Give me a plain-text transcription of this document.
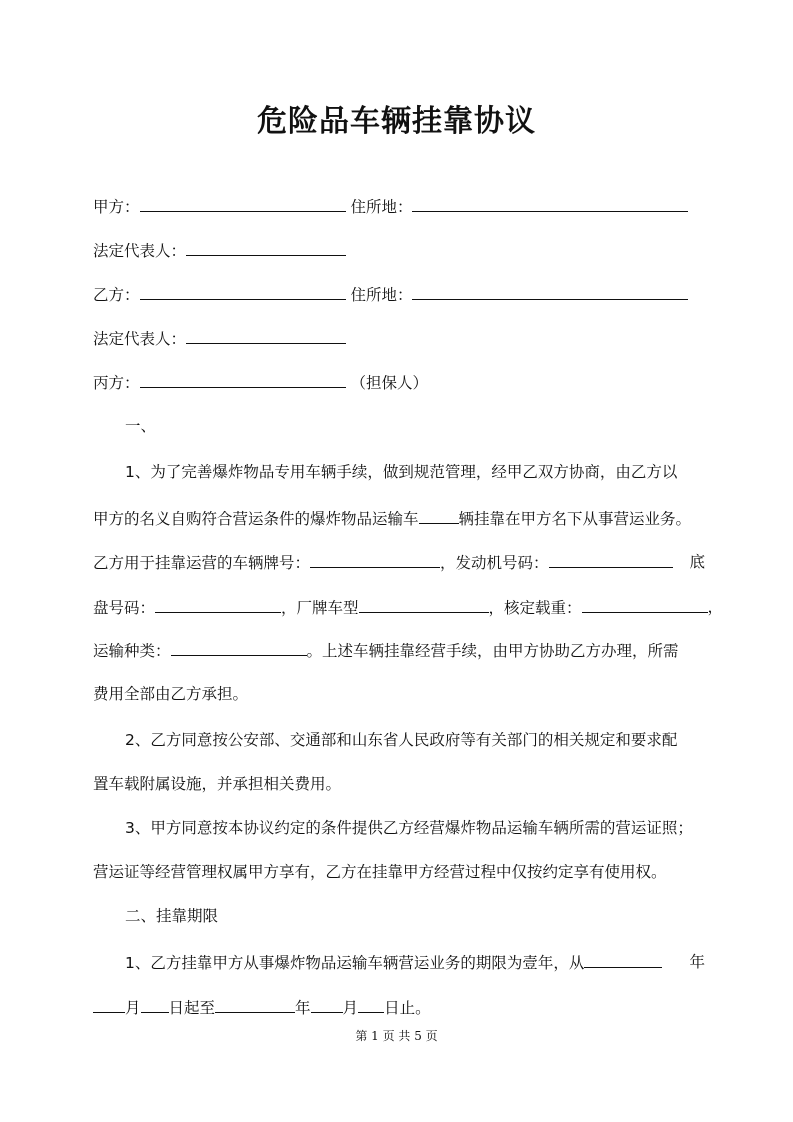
危险品车辆挂靠协议
甲方：	住所地：
法定代表人：
乙方：	住所地：
法定代表人：
丙方：	（担保人）
一、
1、为了完善爆炸物品专用车辆手续，做到规范管理，经甲乙双方协商，由乙方以
甲方的名义自购符合营运条件的爆炸物品运输车	辆挂靠在甲方名下从事营运业务。
乙方用于挂靠运营的车辆牌号：	，发动机号码：	底
盘号码：	，厂牌车型	，核定载重：	，
运输种类：	。上述车辆挂靠经营手续，由甲方协助乙方办理，所需
费用全部由乙方承担。
2、乙方同意按公安部、交通部和山东省人民政府等有关部门的相关规定和要求配
置车载附属设施，并承担相关费用。
3、甲方同意按本协议约定的条件提供乙方经营爆炸物品运输车辆所需的营运证照；
营运证等经营管理权属甲方享有，乙方在挂靠甲方经营过程中仅按约定享有使用权。
二、挂靠期限
1、乙方挂靠甲方从事爆炸物品运输车辆营运业务的期限为壹年，从	年
月 日起至	年 月 日止。
第 1 页 共 5 页
